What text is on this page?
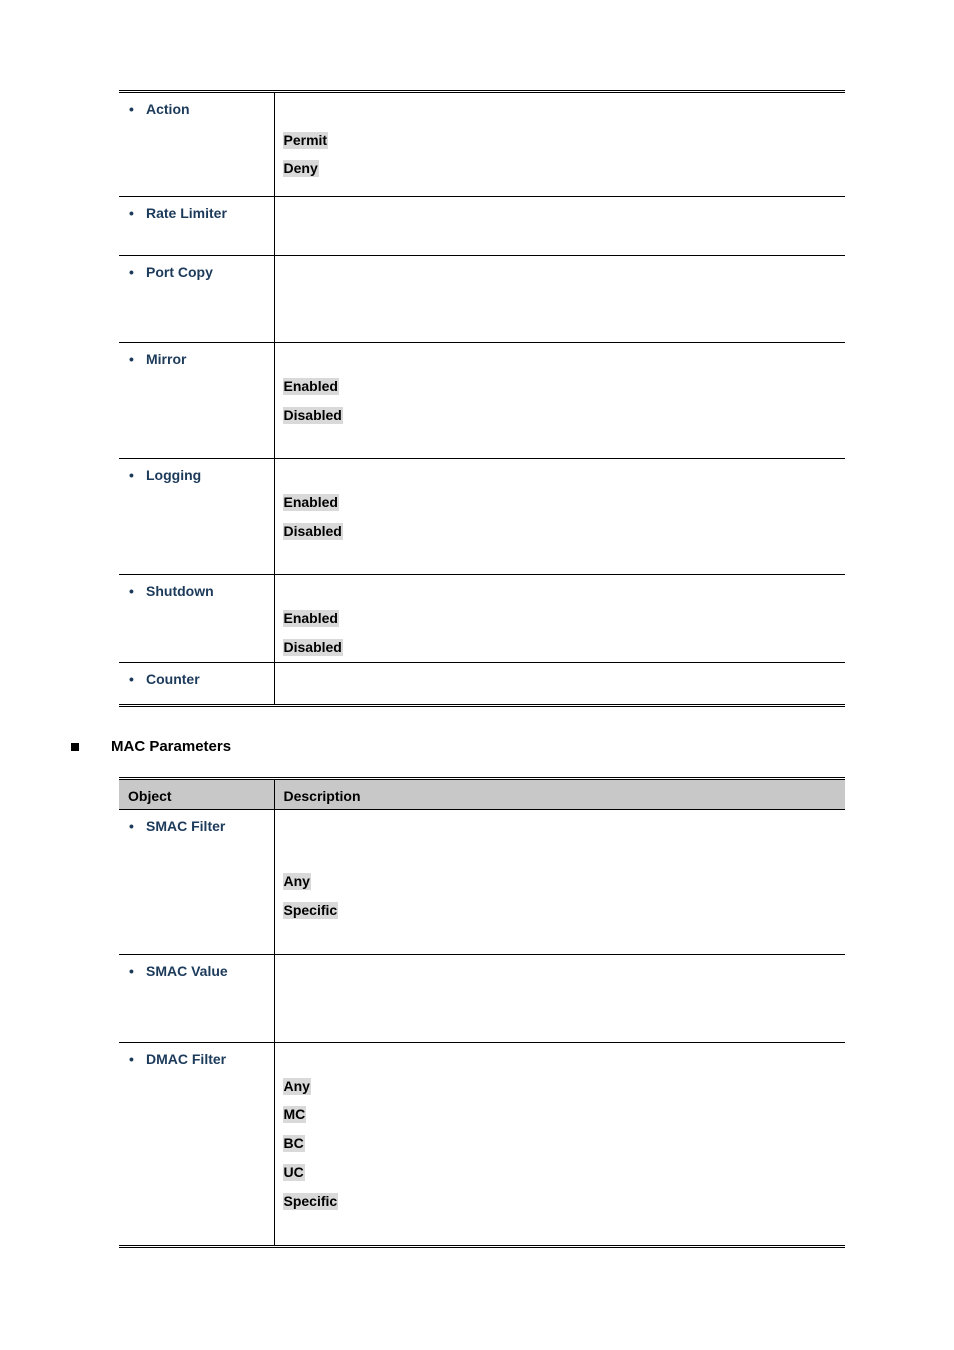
• Action	Permit
Deny

• Rate Limiter	

• Port Copy	

• Mirror	Enabled
Disabled

• Logging	Enabled
Disabled

• Shutdown	Enabled
Disabled

• Counter	

MAC Parameters
Object	Description

• SMAC Filter	Any
Specific

• SMAC Value	

• DMAC Filter	Any
MC
BC
UC
Specific
